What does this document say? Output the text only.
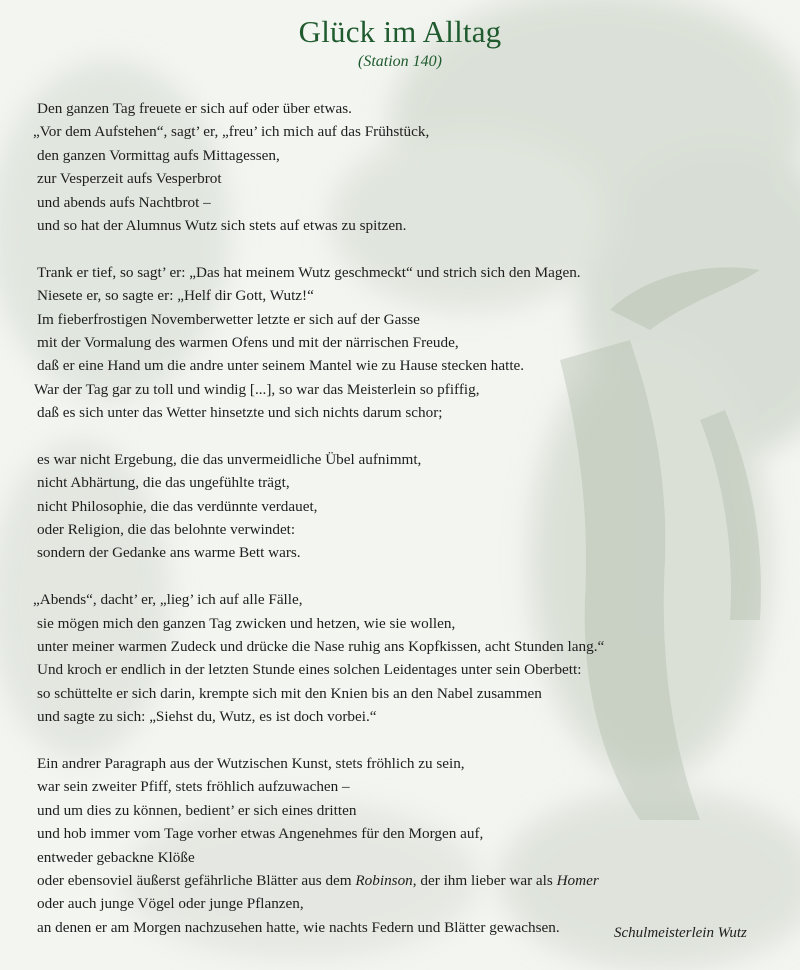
Glück im Alltag
(Station 140)
Den ganzen Tag freuete er sich auf oder über etwas.
„Vor dem Aufstehen“, sagt’ er, „freu’ ich mich auf das Frühstück,
den ganzen Vormittag aufs Mittagessen,
zur Vesperzeit aufs Vesperbrot
und abends aufs Nachtbrot –
und so hat der Alumnus Wutz sich stets auf etwas zu spitzen.
Trank er tief, so sagt’ er: „Das hat meinem Wutz geschmeckt“ und strich sich den Magen.
Niesete er, so sagte er: „Helf dir Gott, Wutz!“
Im fieberfrostigen Novemberwetter letzte er sich auf der Gasse
mit der Vormalung des warmen Ofens und mit der närrischen Freude,
daß er eine Hand um die andre unter seinem Mantel wie zu Hause stecken hatte.
War der Tag gar zu toll und windig [...], so war das Meisterlein so pfiffig,
daß es sich unter das Wetter hinsetzte und sich nichts darum schor;
es war nicht Ergebung, die das unvermeidliche Übel aufnimmt,
nicht Abhärtung, die das ungefühlte trägt,
nicht Philosophie, die das verdünnte verdauet,
oder Religion, die das belohnte verwindet:
sondern der Gedanke ans warme Bett wars.
„Abends“, dacht’ er, „lieg’ ich auf alle Fälle,
sie mögen mich den ganzen Tag zwicken und hetzen, wie sie wollen,
unter meiner warmen Zudeck und drücke die Nase ruhig ans Kopfkissen, acht Stunden lang.“
Und kroch er endlich in der letzten Stunde eines solchen Leidentages unter sein Oberbett:
so schüttelte er sich darin, krempte sich mit den Knien bis an den Nabel zusammen
und sagte zu sich: „Siehst du, Wutz, es ist doch vorbei.“
Ein andrer Paragraph aus der Wutzischen Kunst, stets fröhlich zu sein,
war sein zweiter Pfiff, stets fröhlich aufzuwachen –
und um dies zu können, bedient’ er sich eines dritten
und hob immer vom Tage vorher etwas Angenehmes für den Morgen auf,
entweder gebackne Klöße
oder ebensoviel äußerst gefährliche Blätter aus dem Robinson, der ihm lieber war als Homer
oder auch junge Vögel oder junge Pflanzen,
an denen er am Morgen nachzusehen hatte, wie nachts Federn und Blätter gewachsen.	Schulmeisterlein Wutz
